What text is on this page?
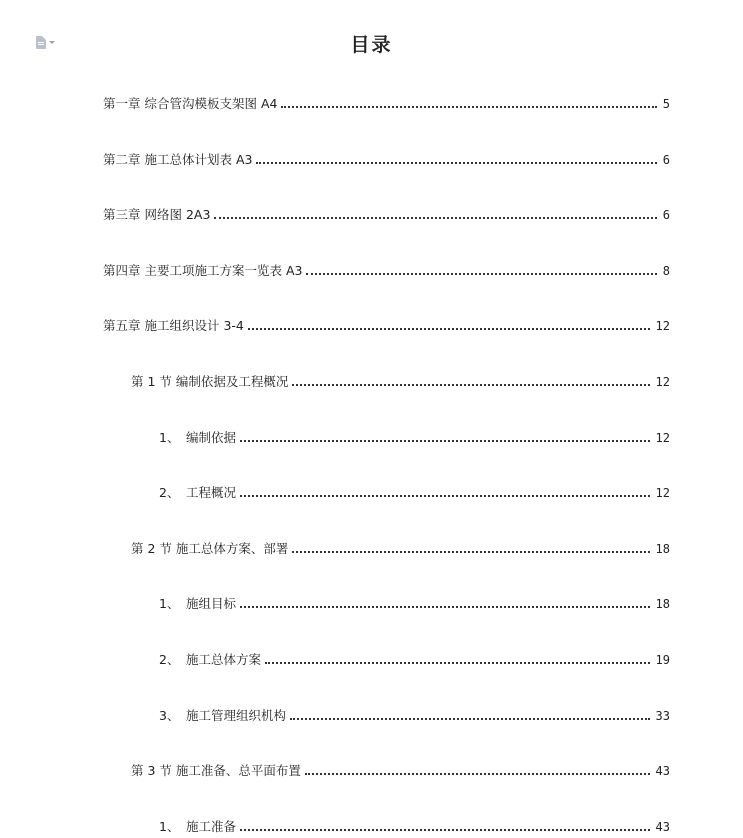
目录
第一章 综合管沟模板支架图 A4	5
第二章 施工总体计划表 A3	6
第三章 网络图 2A3	6
第四章 主要工项施工方案一览表 A3	8
第五章 施工组织设计 3-4	12
第 1 节 编制依据及工程概况	12
1、 编制依据	12
2、 工程概况	12
第 2 节 施工总体方案、部署	18
1、 施组目标	18
2、 施工总体方案	19
3、 施工管理组织机构	33
第 3 节 施工准备、总平面布置	43
1、 施工准备	43
